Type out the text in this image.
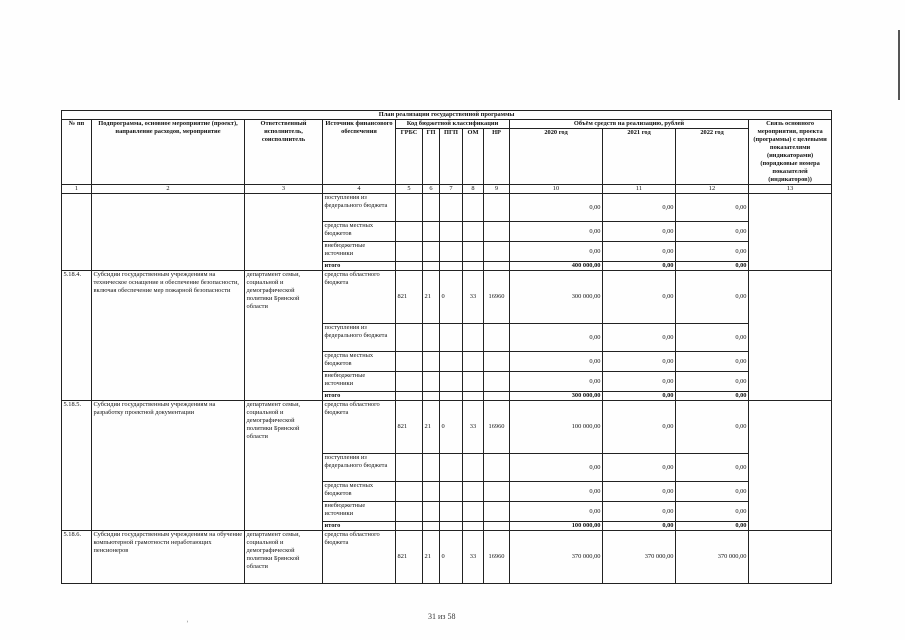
План реализации государственной программы												
№ пп	Подпрограмма, основное мероприятие (проект), направление расходов, мероприятие	Ответственный исполнитель, соисполнитель	Источник финансового обеспечения	Код бюджетной классификации					Объём средств на реализацию, рублей			Связь основного мероприятия, проекта (программы) с целевыми показателями (индикаторами) (порядковые номера показателей (индикаторов))
				ГРБС	ГП	ПГП	ОМ	НР	2020 год	2021 год	2022 год	

1	2	3	4	5	6	7	8	9	10	11	12	13
			поступления из федерального бюджета						0,00	0,00	0,00	
			средства местных бюджетов						0,00	0,00	0,00	
			внебюджетные источники						0,00	0,00	0,00	
			итого						400 000,00	0,00	0,00	
5.18.4.	Субсидии государственным учреждениям на техническое оснащение и обеспечение безопасности, включая обеспечение мер пожарной безопасности	департамент семьи, социальной и демографической политики Брянской области	средства областного бюджета	821	21	0	33	16960	300 000,00	0,00	0,00	
			поступления из федерального бюджета						0,00	0,00	0,00	
			средства местных бюджетов						0,00	0,00	0,00	
			внебюджетные источники						0,00	0,00	0,00	
			итого						300 000,00	0,00	0,00	
5.18.5.	Субсидии государственным учреждениям на разработку проектной документации	департамент семьи, социальной и демографической политики Брянской области	средства областного бюджета	821	21	0	33	16960	100 000,00	0,00	0,00	
			поступления из федерального бюджета						0,00	0,00	0,00	
			средства местных бюджетов						0,00	0,00	0,00	
			внебюджетные источники						0,00	0,00	0,00	
			итого						100 000,00	0,00	0,00	
5.18.6.	Субсидии государственным учреждениям на обучение компьютерной грамотности неработающих пенсионеров	департамент семьи, социальной и демографической политики Брянской области	средства областного бюджета	821	21	0	33	16960	370 000,00	370 000,00	370 000,00	
31 из 58
ʾ
